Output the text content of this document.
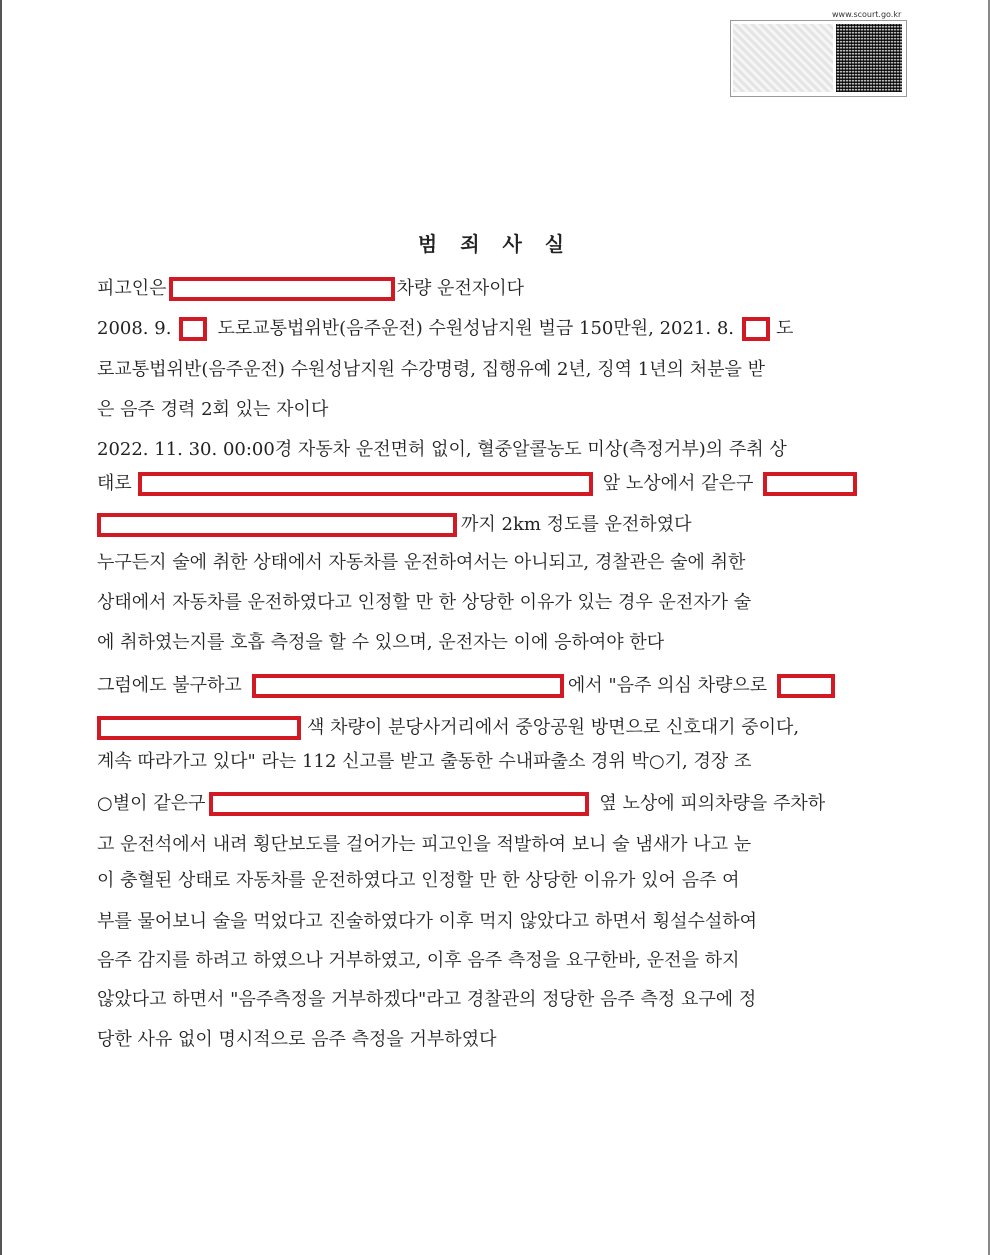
www.scourt.go.kr
범 죄 사 실
피고인은	차량 운전자이다
2008. 9.	도로교통법위반(음주운전) 수원성남지원 벌금 150만원, 2021. 8. 도
로교통법위반(음주운전) 수원성남지원 수강명령, 집행유예 2년, 징역 1년의 처분을 받
은 음주 경력 2회 있는 자이다
2022. 11. 30. 00:00경 자동차 운전면허 없이, 혈중알콜농도 미상(측정거부)의 주취 상
태로	앞 노상에서 같은구
까지 2km 정도를 운전하였다
누구든지 술에 취한 상태에서 자동차를 운전하여서는 아니되고, 경찰관은 술에 취한
상태에서 자동차를 운전하였다고 인정할 만 한 상당한 이유가 있는 경우 운전자가 술
에 취하였는지를 호흡 측정을 할 수 있으며, 운전자는 이에 응하여야 한다
그럼에도 불구하고	에서 "음주 의심 차량으로
색 차량이 분당사거리에서 중앙공원 방면으로 신호대기 중이다,
계속 따라가고 있다" 라는 112 신고를 받고 출동한 수내파출소 경위 박○기, 경장 조
○별이 같은구	옆 노상에 피의차량을 주차하
고 운전석에서 내려 횡단보도를 걸어가는 피고인을 적발하여 보니 술 냄새가 나고 눈
이 충혈된 상태로 자동차를 운전하였다고 인정할 만 한 상당한 이유가 있어 음주 여
부를 물어보니 술을 먹었다고 진술하였다가 이후 먹지 않았다고 하면서 횡설수설하여
음주 감지를 하려고 하였으나 거부하였고, 이후 음주 측정을 요구한바, 운전을 하지
않았다고 하면서 "음주측정을 거부하겠다"라고 경찰관의 정당한 음주 측정 요구에 정
당한 사유 없이 명시적으로 음주 측정을 거부하였다
